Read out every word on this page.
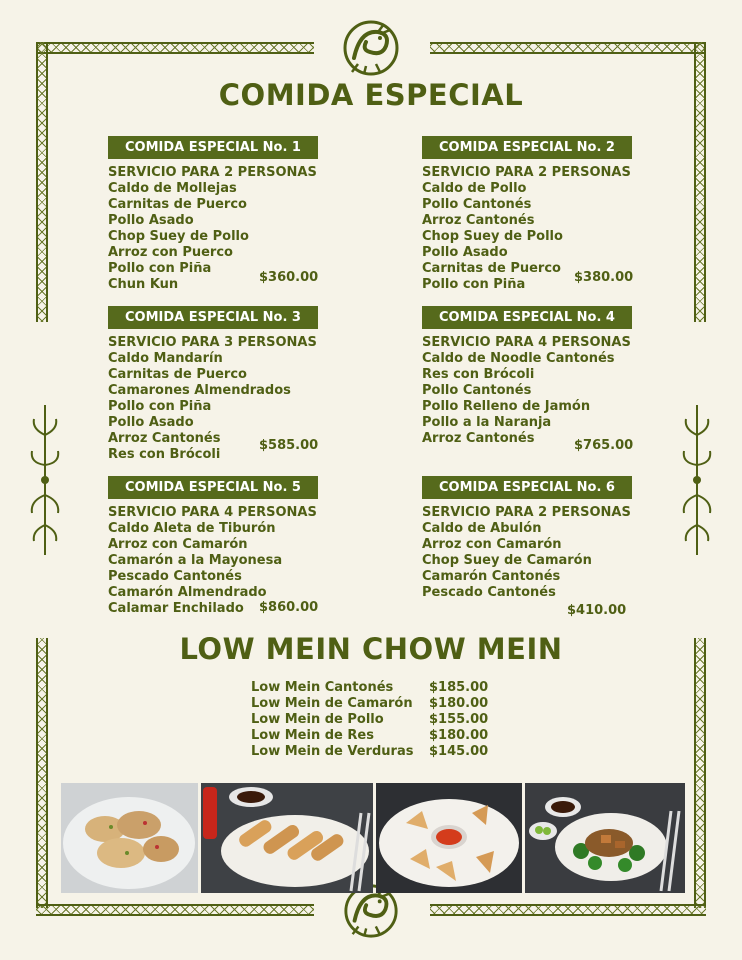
COMIDA ESPECIAL
COMIDA ESPECIAL No. 1
SERVICIO PARA 2 PERSONAS
Caldo de Mollejas
Carnitas de Puerco
Pollo Asado
Chop Suey de Pollo
Arroz con Puerco
Pollo con Piña
Chun Kun	$360.00
COMIDA ESPECIAL No. 2
SERVICIO PARA 2 PERSONAS
Caldo de Pollo
Pollo Cantonés
Arroz Cantonés
Chop Suey de Pollo
Pollo Asado
Carnitas de Puerco
Pollo con Piña	$380.00
COMIDA ESPECIAL No. 3
SERVICIO PARA 3 PERSONAS
Caldo Mandarín
Carnitas de Puerco
Camarones Almendrados
Pollo con Piña
Pollo Asado
Arroz Cantonés
Res con Brócoli
$585.00
COMIDA ESPECIAL No. 4
SERVICIO PARA 4 PERSONAS
Caldo de Noodle Cantonés
Res con Brócoli
Pollo Cantonés
Pollo Relleno de Jamón
Pollo a la Naranja
Arroz Cantonés	$765.00
COMIDA ESPECIAL No. 5
SERVICIO PARA 4 PERSONAS
Caldo Aleta de Tiburón
Arroz con Camarón
Camarón a la Mayonesa
Pescado Cantonés
Camarón Almendrado
Calamar Enchilado	$860.00
COMIDA ESPECIAL No. 6
SERVICIO PARA 2 PERSONAS
Caldo de Abulón
Arroz con Camarón
Chop Suey de Camarón
Camarón Cantonés
Pescado Cantonés
$410.00
LOW MEIN CHOW MEIN
Low Mein Cantonés	$185.00
Low Mein de Camarón	$180.00
Low Mein de Pollo	$155.00
Low Mein de Res	$180.00
Low Mein de Verduras	$145.00
